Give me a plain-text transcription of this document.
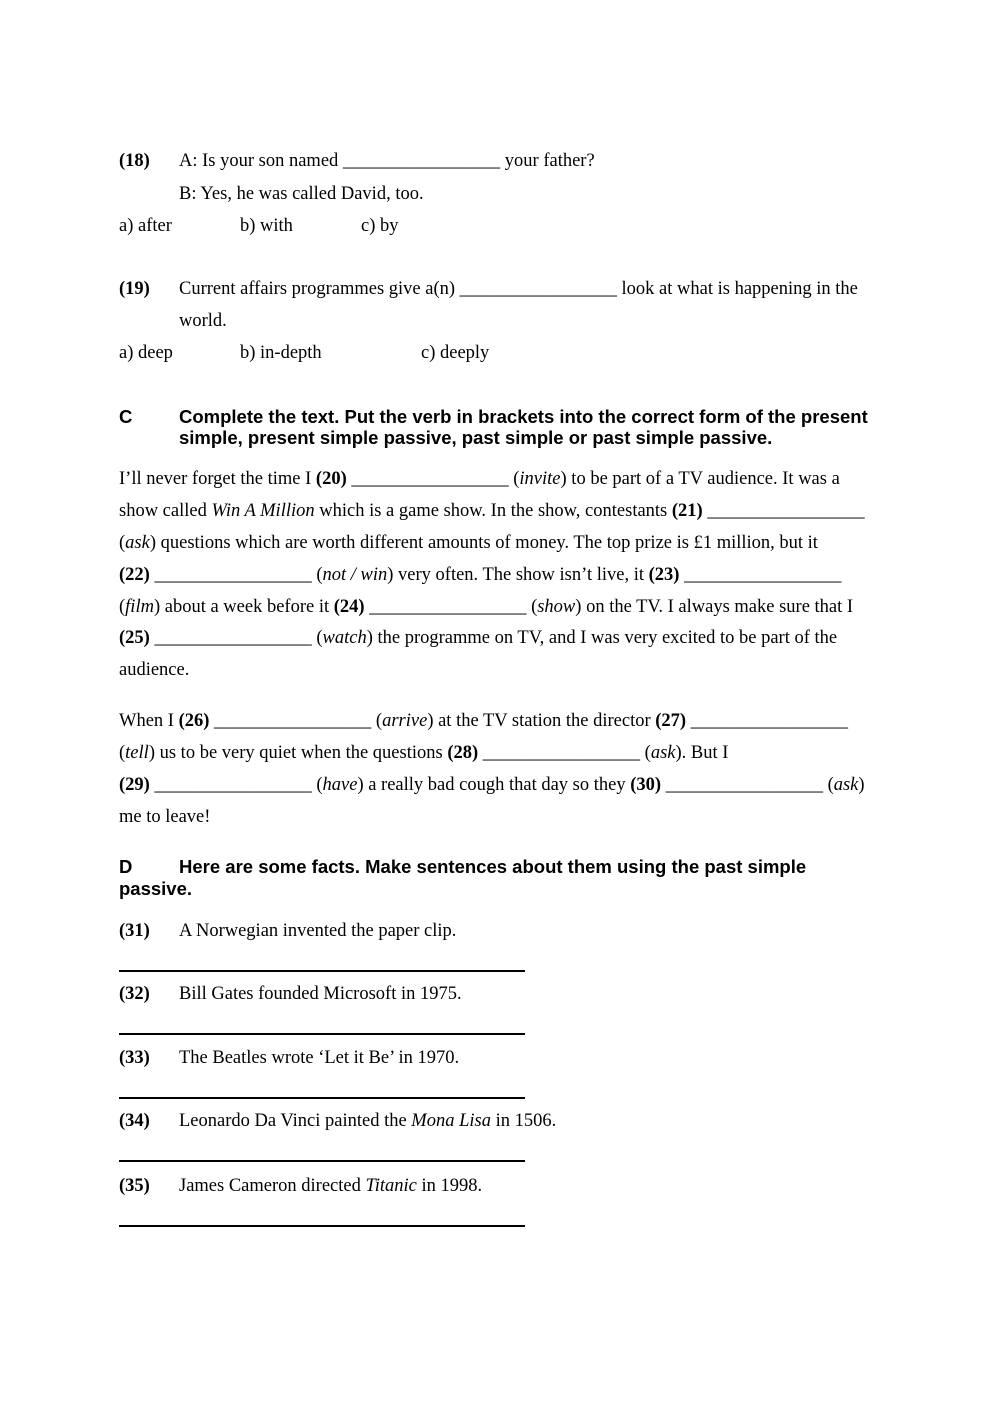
(18) A: Is your son named  _________________  your father?
B: Yes, he was called David, too.
a) after	b) with	c) by
(19) Current affairs programmes give a(n)  _________________  look at what is happening in the
world.
a) deep	b) in-depth	c) deeply
C	Complete the text. Put the verb in brackets into the correct form of the present
simple, present simple passive, past simple or past simple passive.
I’ll never forget the time I  (20)  _________________  ( invite ) to be part of a TV audience. It was a
show called  Win A Million  which is a game show. In the show, contestants  (21)  _________________
( ask ) questions which are worth different amounts of money. The top prize is £1 million, but it
(22)  _________________  ( not / win ) very often. The show isn’t live, it  (23)  _________________
( film ) about a week before it  (24)  _________________  ( show ) on the TV. I always make sure that I
(25)  _________________  ( watch ) the programme on TV, and I was very excited to be part of the
audience.
When I  (26)  _________________  ( arrive ) at the TV station the director  (27)  _________________
( tell ) us to be very quiet when the questions  (28)  _________________  ( ask ). But I
(29)  _________________  ( have ) a really bad cough that day so they  (30)  _________________  ( ask )
me to leave!
D	Here are some facts. Make sentences about them using the past simple
passive.
(31) A Norwegian invented the paper clip.
(32) Bill Gates founded Microsoft in 1975.
(33) The Beatles wrote ‘Let it Be’ in 1970.
(34) Leonardo Da Vinci painted the  Mona Lisa  in 1506.
(35) James Cameron directed  Titanic  in 1998.
